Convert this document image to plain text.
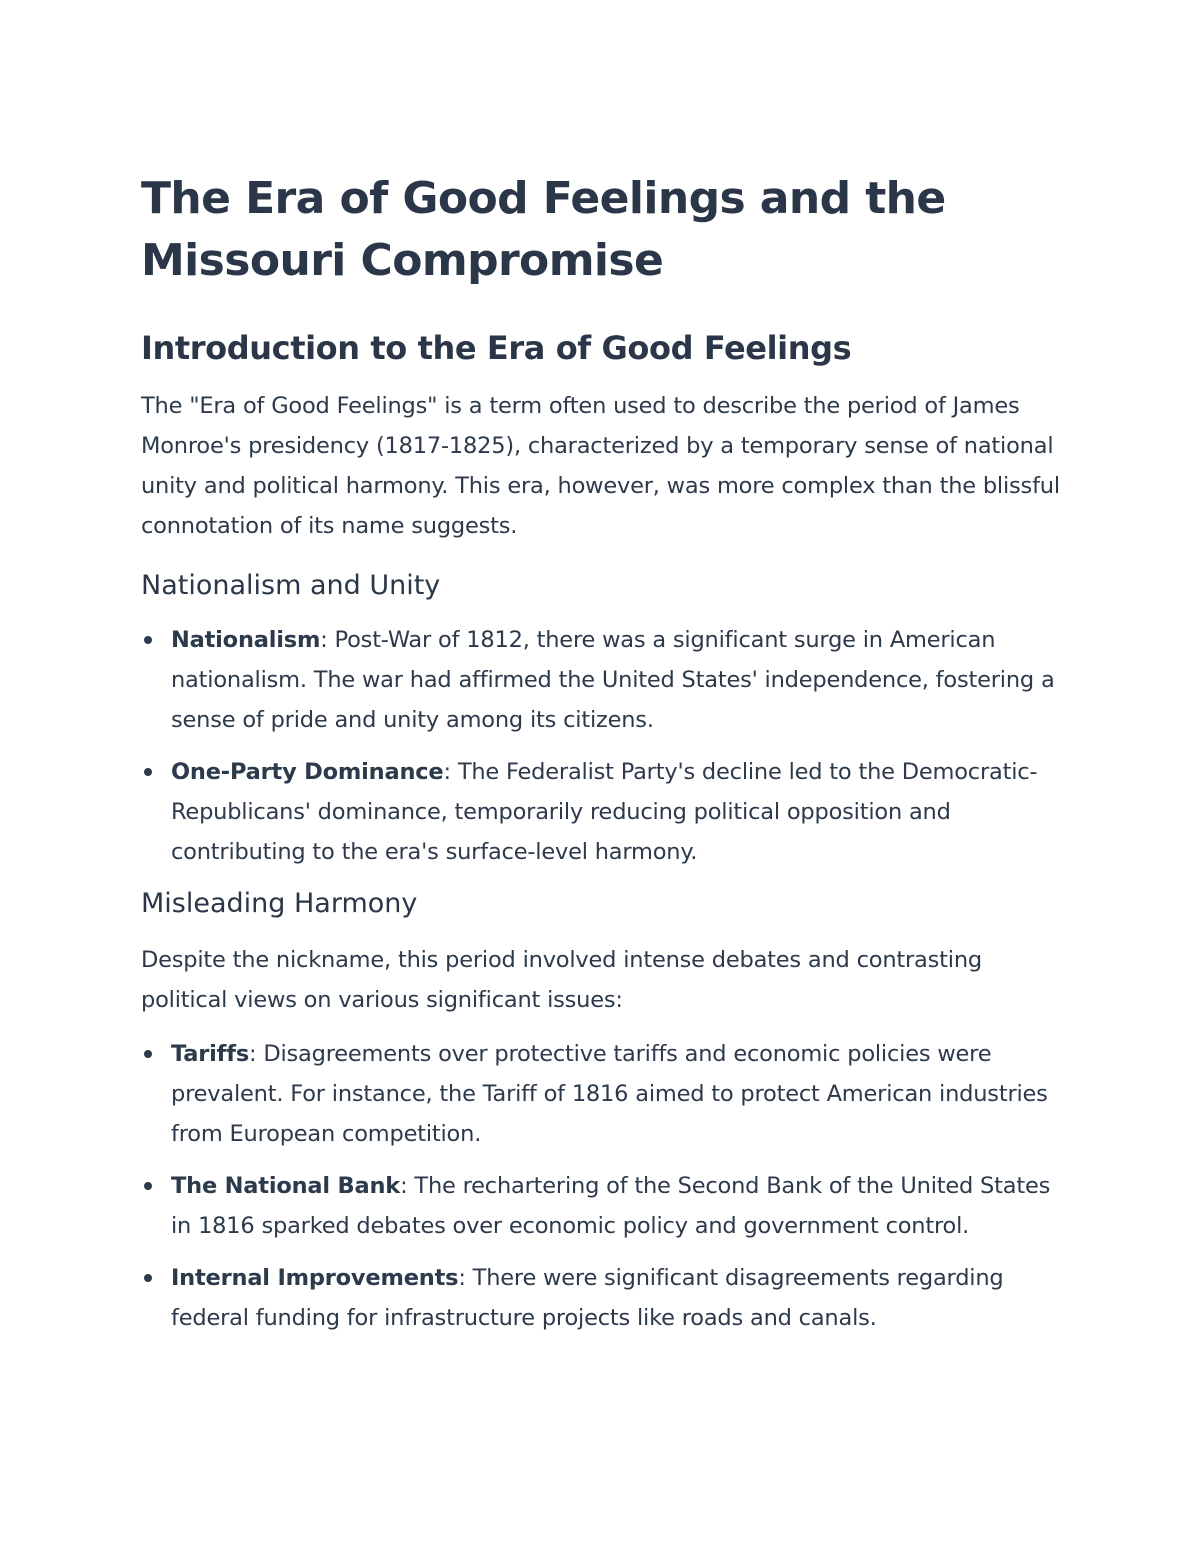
The Era of Good Feelings and the Missouri Compromise
Introduction to the Era of Good Feelings

The "Era of Good Feelings" is a term often used to describe the period of James Monroe's presidency (1817-1825), characterized by a temporary sense of national unity and political harmony. This era, however, was more complex than the blissful connotation of its name suggests.

Nationalism and Unity
Nationalism: Post-War of 1812, there was a significant surge in American nationalism. The war had affirmed the United States' independence, fostering a sense of pride and unity among its citizens.
One-Party Dominance: The Federalist Party's decline led to the Democratic-Republicans' dominance, temporarily reducing political opposition and contributing to the era's surface-level harmony.
Misleading Harmony

Despite the nickname, this period involved intense debates and contrasting political views on various significant issues:

Tariffs: Disagreements over protective tariffs and economic policies were prevalent. For instance, the Tariff of 1816 aimed to protect American industries from European competition.
The National Bank: The rechartering of the Second Bank of the United States in 1816 sparked debates over economic policy and government control.
Internal Improvements: There were significant disagreements regarding federal funding for infrastructure projects like roads and canals.
